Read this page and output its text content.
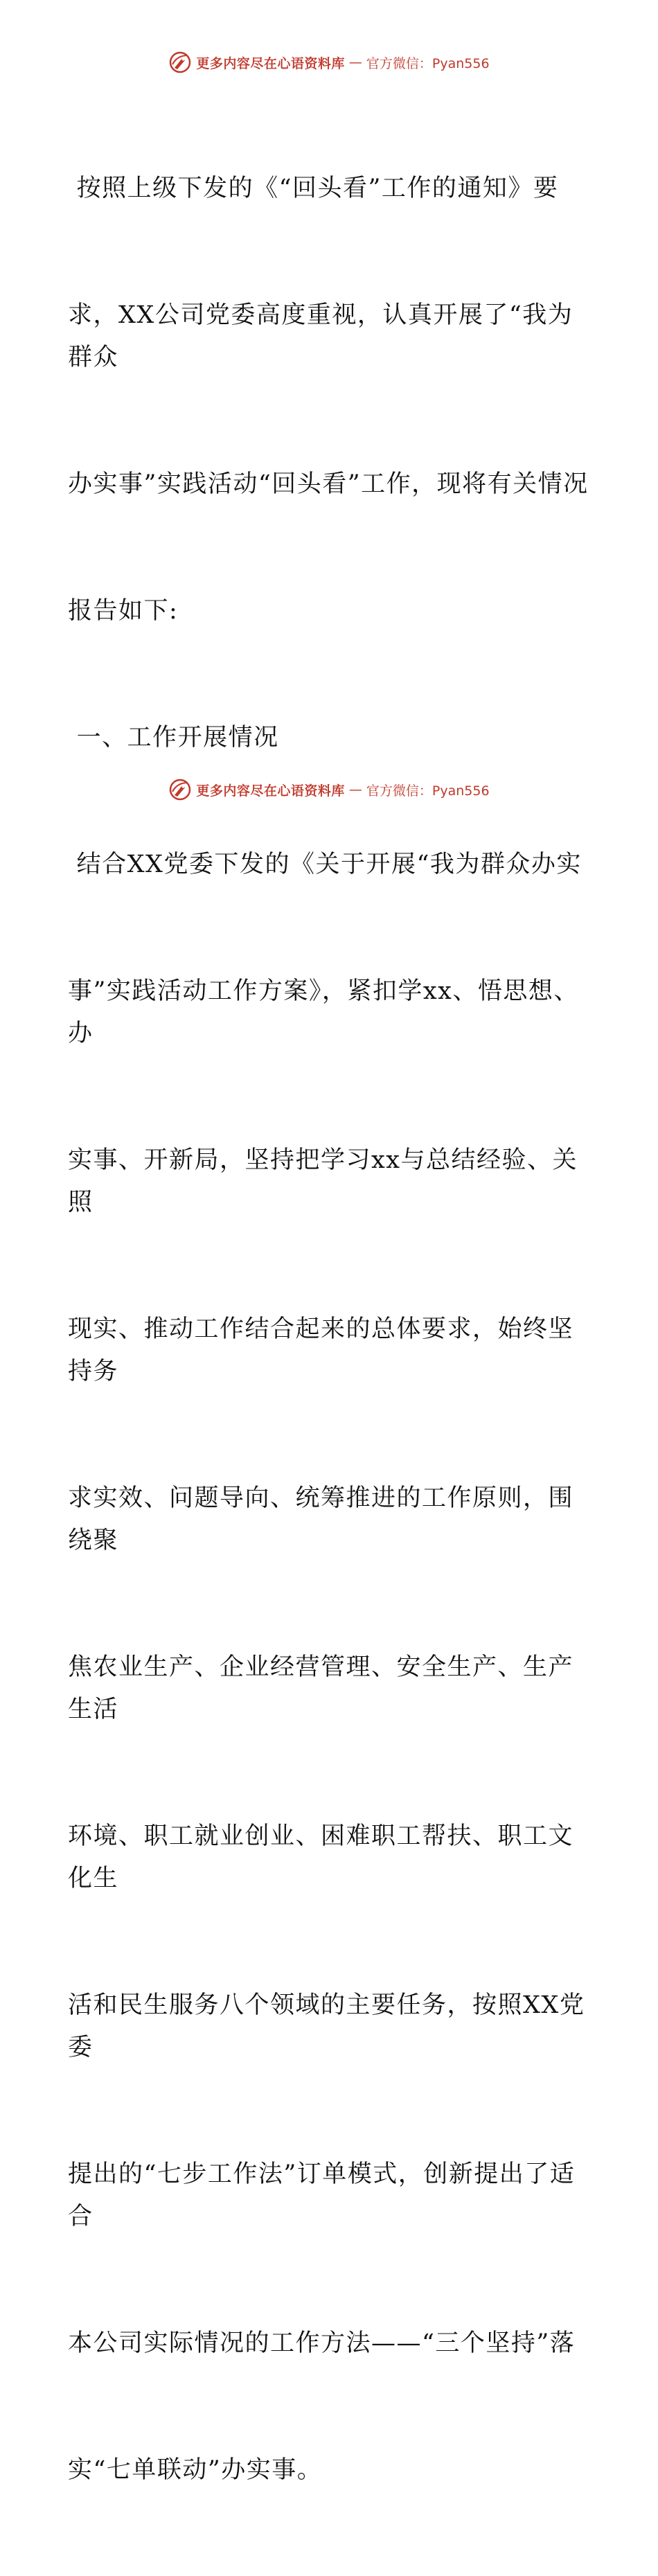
更多内容尽在心语资料库 — 官方微信：Pyan556

按照上级下发的《“回头看”工作的通知》要

求，XX公司党委高度重视，认真开展了“我为群众

办实事”实践活动“回头看”工作，现将有关情况

报告如下:

一、工作开展情况

结合XX党委下发的《关于开展“我为群众办实

事”实践活动工作方案》，紧扣学xx、悟思想、办

实事、开新局，坚持把学习xx与总结经验、关照

现实、推动工作结合起来的总体要求，始终坚持务

求实效、问题导向、统筹推进的工作原则，围绕聚

焦农业生产、企业经营管理、安全生产、生产生活

环境、职工就业创业、困难职工帮扶、职工文化生

活和民生服务八个领域的主要任务，按照XX党委

提出的“七步工作法”订单模式，创新提出了适合

本公司实际情况的工作方法——“三个坚持”落

实“七单联动”办实事。

更多内容尽在心语资料库 — 官方微信：Pyan556
